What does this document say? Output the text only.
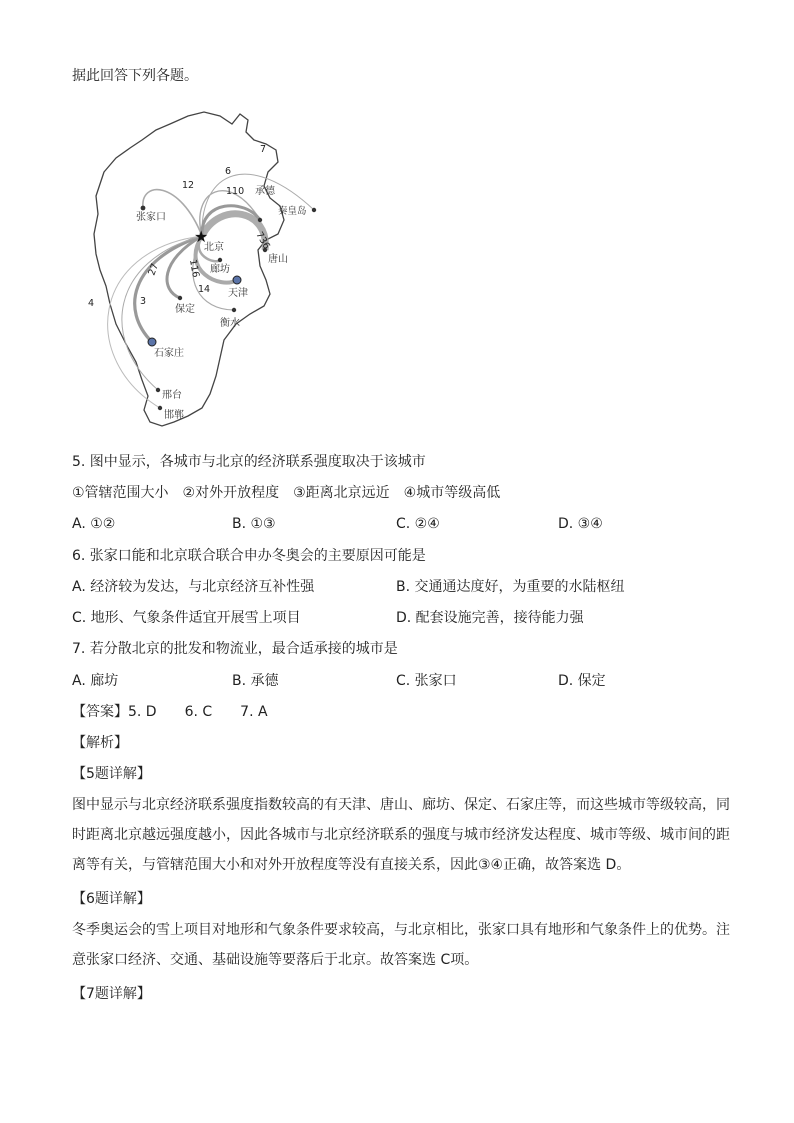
据此回答下列各题。
★
北京
张家口
承德
秦皇岛
唐山
廊坊
天津
保定
衡水
石家庄
邢台
邯郸
7
6
110
12
736
116
27
14
3
4
5. 图中显示，各城市与北京的经济联系强度取决于该城市
①管辖范围大小　②对外开放程度　③距离北京远近　④城市等级高低
A. ①②	B. ①③	C. ②④	D. ③④
6. 张家口能和北京联合联合申办冬奥会的主要原因可能是
A. 经济较为发达，与北京经济互补性强	B. 交通通达度好，为重要的水陆枢纽
C. 地形、气象条件适宜开展雪上项目	D. 配套设施完善，接待能力强
7. 若分散北京的批发和物流业，最合适承接的城市是
A. 廊坊	B. 承德	C. 张家口	D. 保定
【答案】5. D　　6. C　　7. A
【解析】
【5题详解】
图中显示与北京经济联系强度指数较高的有天津、唐山、廊坊、保定、石家庄等，而这些城市等级较高，同时距离北京越远强度越小，因此各城市与北京经济联系的强度与城市经济发达程度、城市等级、城市间的距离等有关，与管辖范围大小和对外开放程度等没有直接关系，因此③④正确，故答案选 D。
【6题详解】
冬季奥运会的雪上项目对地形和气象条件要求较高，与北京相比，张家口具有地形和气象条件上的优势。注意张家口经济、交通、基础设施等要落后于北京。故答案选 C项。
【7题详解】
